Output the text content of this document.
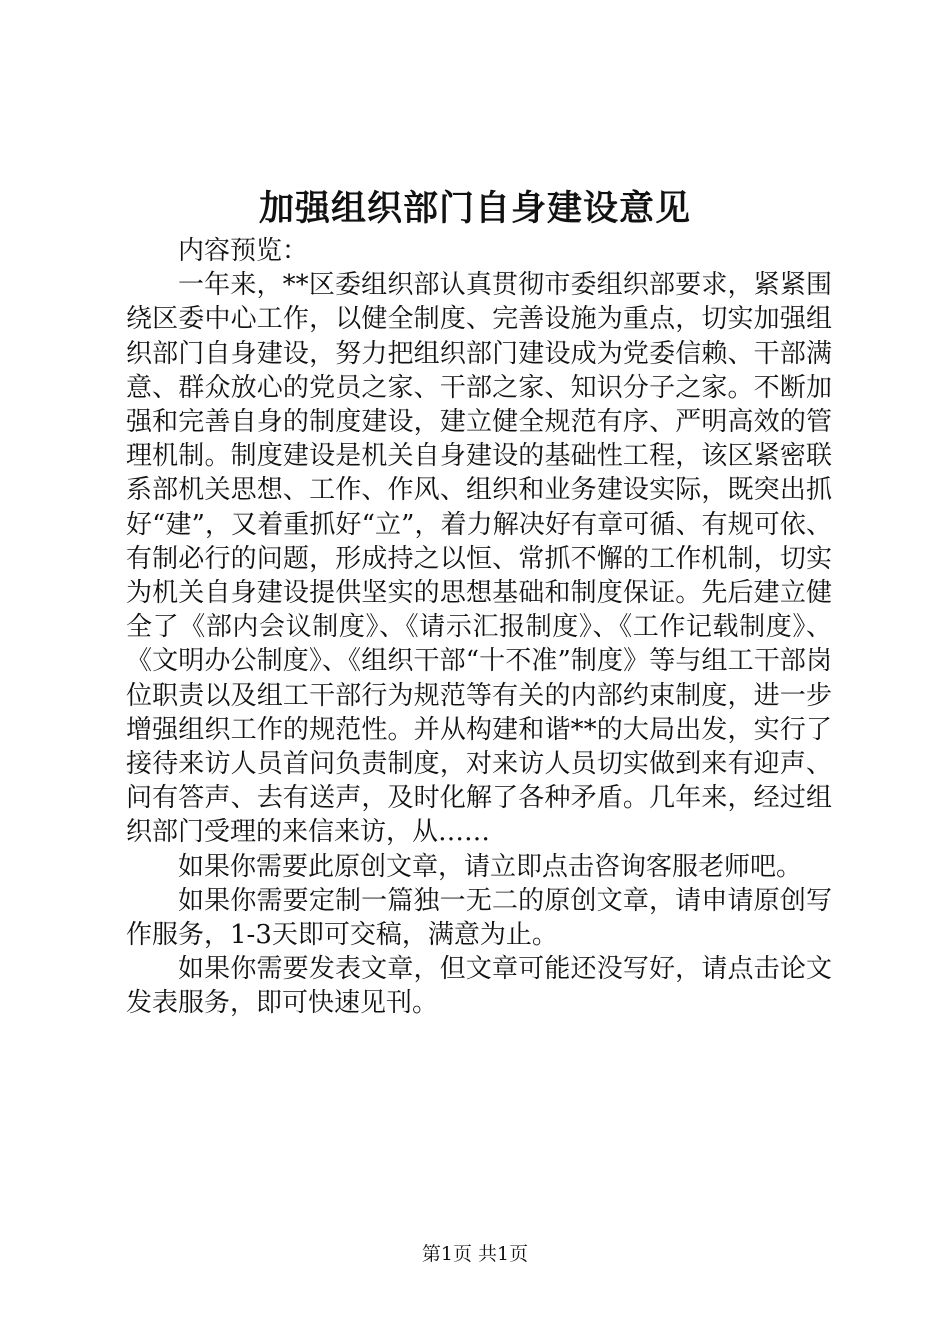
加强组织部门自身建设意见

内容预览：

一年来，**区委组织部认真贯彻市委组织部要求，紧紧围绕区委中心工作，以健全制度、完善设施为重点，切实加强组织部门自身建设，努力把组织部门建设成为党委信赖、干部满意、群众放心的党员之家、干部之家、知识分子之家。不断加强和完善自身的制度建设，建立健全规范有序、严明高效的管理机制。制度建设是机关自身建设的基础性工程，该区紧密联系部机关思想、工作、作风、组织和业务建设实际，既突出抓好“建”，又着重抓好“立”，着力解决好有章可循、有规可依、有制必行的问题，形成持之以恒、常抓不懈的工作机制，切实为机关自身建设提供坚实的思想基础和制度保证。先后建立健全了《部内会议制度》、《请示汇报制度》、《工作记载制度》、《文明办公制度》、《组织干部“十不准”制度》等与组工干部岗位职责以及组工干部行为规范等有关的内部约束制度，进一步增强组织工作的规范性。并从构建和谐**的大局出发，实行了接待来访人员首问负责制度，对来访人员切实做到来有迎声、问有答声、去有送声，及时化解了各种矛盾。几年来，经过组织部门受理的来信来访，从……

如果你需要此原创文章，请立即点击咨询客服老师吧。

如果你需要定制一篇独一无二的原创文章，请申请原创写作服务，1-3天即可交稿，满意为止。

如果你需要发表文章，但文章可能还没写好，请点击论文发表服务，即可快速见刊。

第1页 共1页
